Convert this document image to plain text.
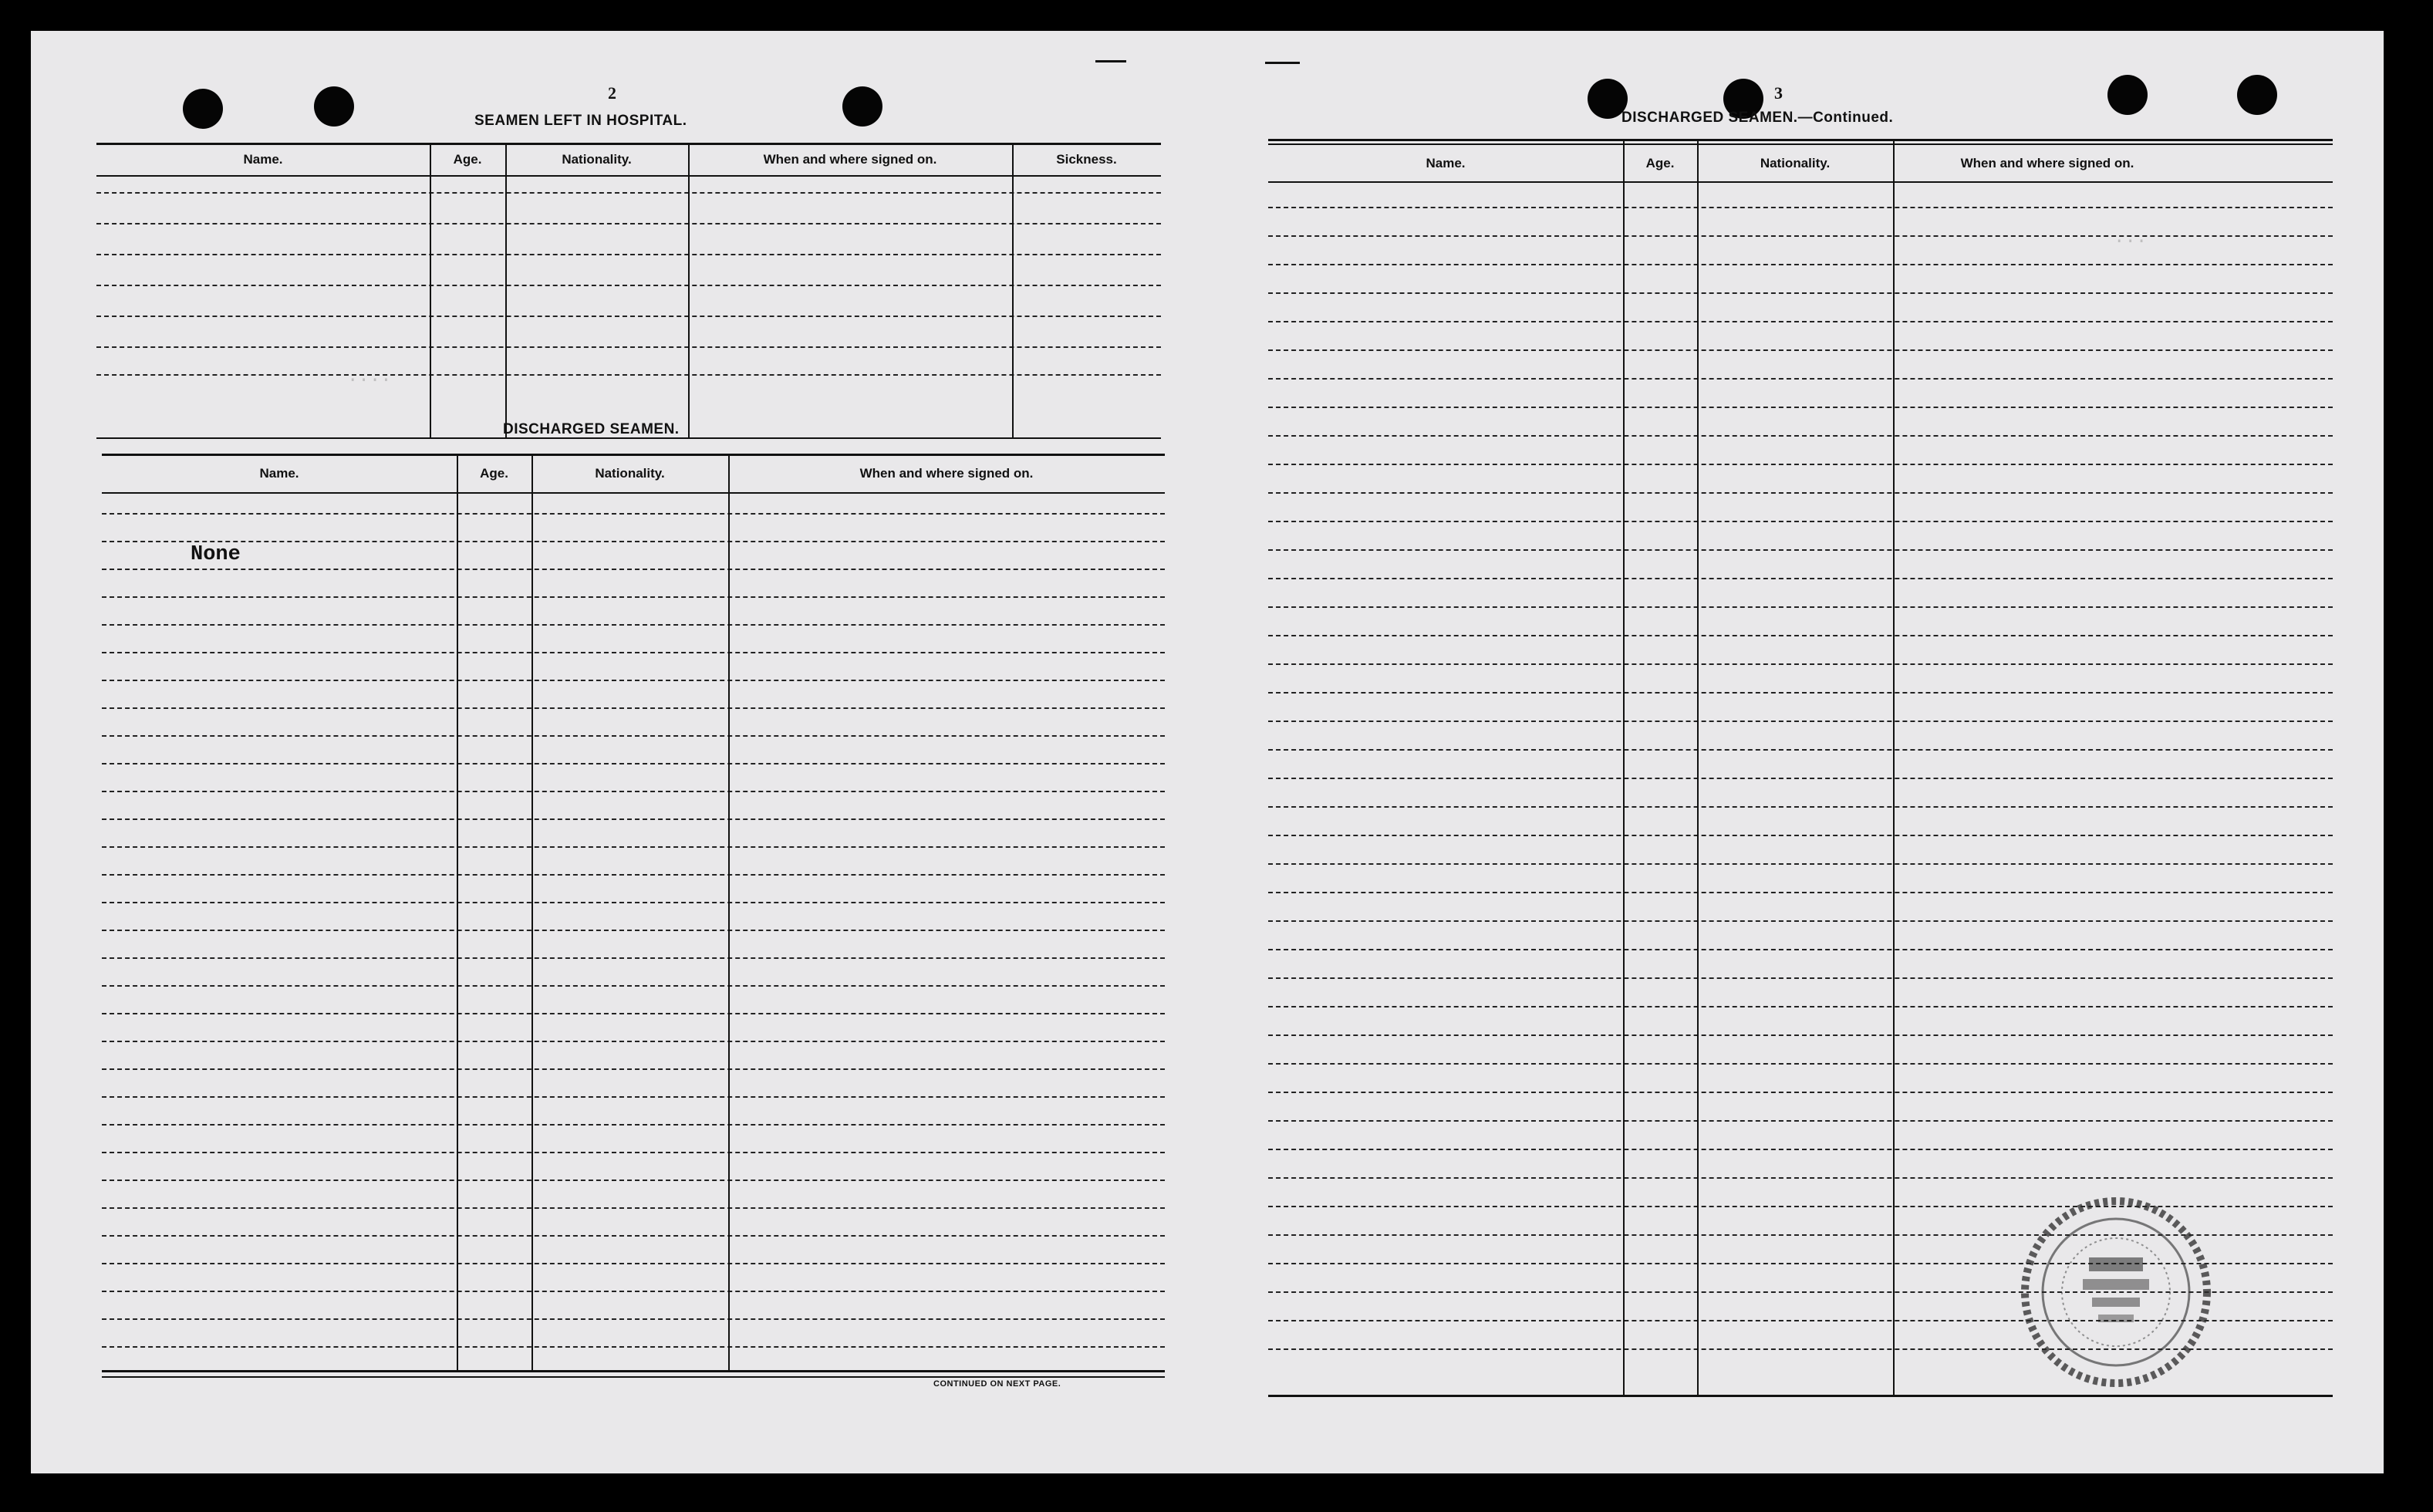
····
···
2
SEAMEN LEFT IN HOSPITAL.
Name.	Age.	Nationality.	When and where signed on.	Sickness.
DISCHARGED SEAMEN.
Name.	Age.	Nationality.	When and where signed on.
None
CONTINUED ON NEXT PAGE.
3
DISCHARGED SEAMEN.—Continued.
Name.	Age.	Nationality.	When and where signed on.
